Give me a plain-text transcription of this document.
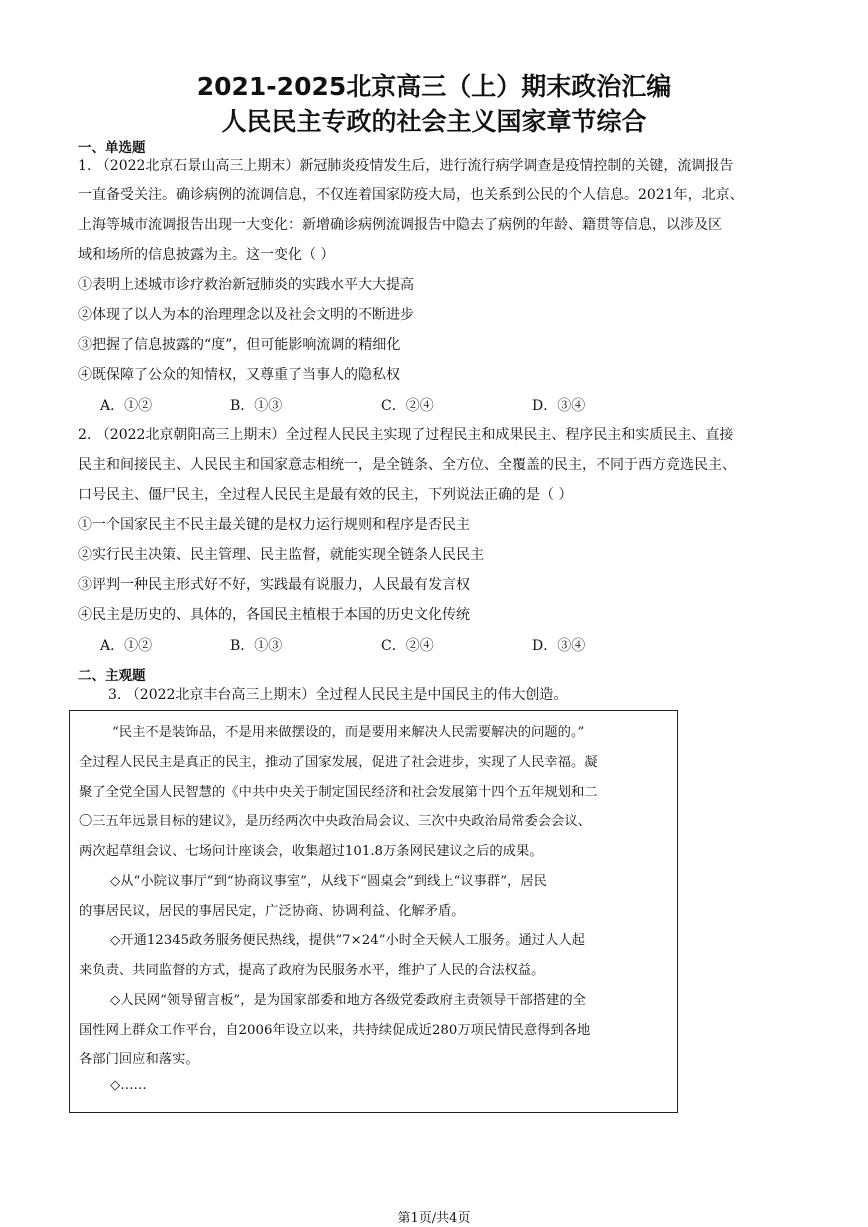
2021-2025北京高三（上）期末政治汇编
人民民主专政的社会主义国家章节综合
一、单选题
1. （2022北京石景山高三上期末）新冠肺炎疫情发生后，进行流行病学调查是疫情控制的关键，流调报告
一直备受关注。确诊病例的流调信息，不仅连着国家防疫大局，也关系到公民的个人信息。2021年，北京、
上海等城市流调报告出现一大变化：新增确诊病例流调报告中隐去了病例的年龄、籍贯等信息，以涉及区
域和场所的信息披露为主。这一变化（ ）
①表明上述城市诊疗救治新冠肺炎的实践水平大大提高
②体现了以人为本的治理理念以及社会文明的不断进步
③把握了信息披露的“度”，但可能影响流调的精细化
④既保障了公众的知情权，又尊重了当事人的隐私权
A．①②	B．①③	C．②④	D．③④
2. （2022北京朝阳高三上期末）全过程人民民主实现了过程民主和成果民主、程序民主和实质民主、直接
民主和间接民主、人民民主和国家意志相统一，是全链条、全方位、全覆盖的民主，不同于西方竞选民主、
口号民主、僵尸民主，全过程人民民主是最有效的民主，下列说法正确的是（ ）
①一个国家民主不民主最关键的是权力运行规则和程序是否民主
②实行民主决策、民主管理、民主监督，就能实现全链条人民民主
③评判一种民主形式好不好，实践最有说服力，人民最有发言权
④民主是历史的、具体的，各国民主植根于本国的历史文化传统
A．①②	B．①③	C．②④	D．③④
二、主观题
3. （2022北京丰台高三上期末）全过程人民民主是中国民主的伟大创造。
“民主不是装饰品，不是用来做摆设的，而是要用来解决人民需要解决的问题的。”
全过程人民民主是真正的民主，推动了国家发展，促进了社会进步，实现了人民幸福。凝
聚了全党全国人民智慧的《中共中央关于制定国民经济和社会发展第十四个五年规划和二
〇三五年远景目标的建议》，是历经两次中央政治局会议、三次中央政治局常委会会议、
两次起草组会议、七场问计座谈会，收集超过101.8万条网民建议之后的成果。
◇从“小院议事厅”到“协商议事室”，从线下“圆桌会”到线上“议事群”，居民
的事居民议，居民的事居民定，广泛协商、协调利益、化解矛盾。
◇开通12345政务服务便民热线，提供“7×24”小时全天候人工服务。通过人人起
来负责、共同监督的方式，提高了政府为民服务水平，维护了人民的合法权益。
◇人民网“领导留言板”，是为国家部委和地方各级党委政府主责领导干部搭建的全
国性网上群众工作平台，自2006年设立以来，共持续促成近280万项民情民意得到各地
各部门回应和落实。
◇……
第1页/共4页
